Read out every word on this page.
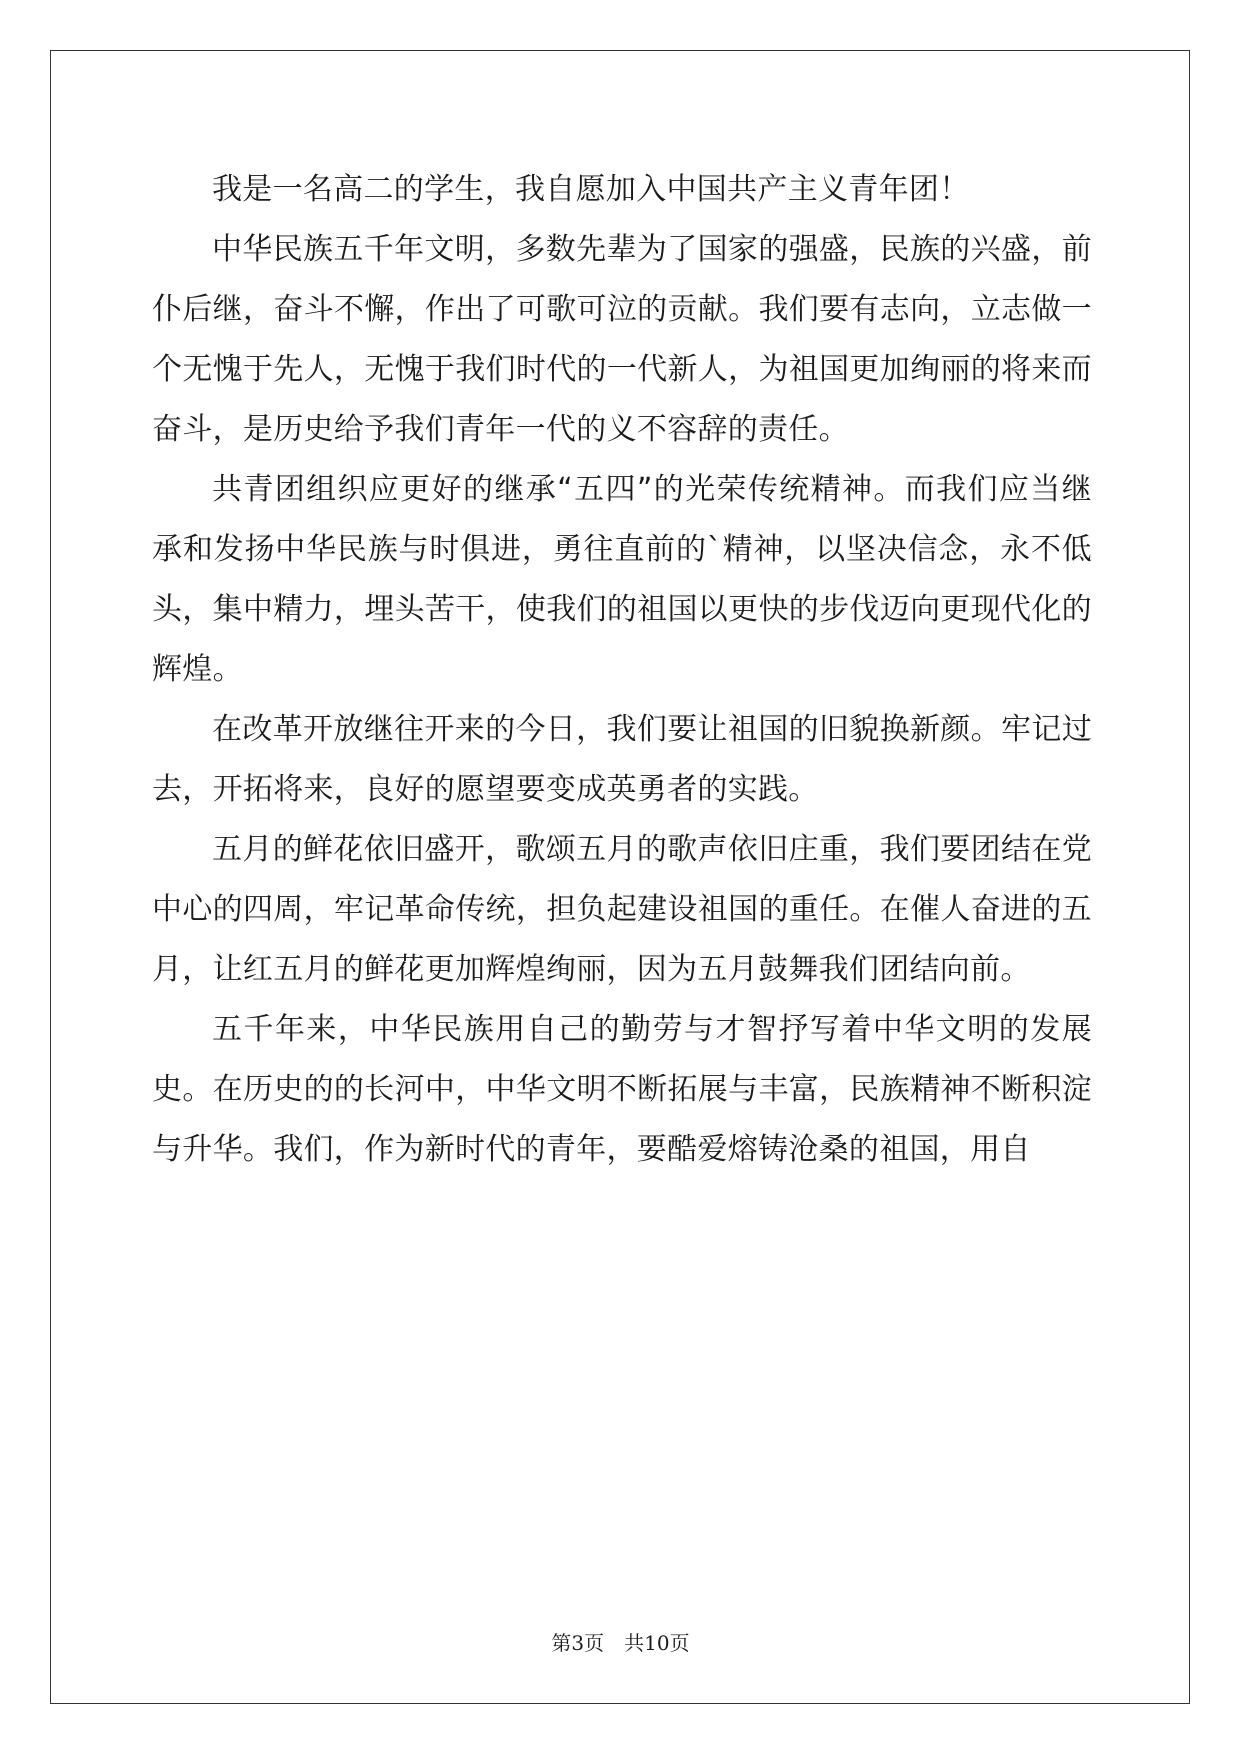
我是一名高二的学生，我自愿加入中国共产主义青年团！

中华民族五千年文明，多数先辈为了国家的强盛，民族的兴盛，前仆后继，奋斗不懈，作出了可歌可泣的贡献。我们要有志向，立志做一个无愧于先人，无愧于我们时代的一代新人，为祖国更加绚丽的将来而奋斗，是历史给予我们青年一代的义不容辞的责任。

共青团组织应更好的继承“五四”的光荣传统精神。而我们应当继承和发扬中华民族与时俱进，勇往直前的`精神，以坚决信念，永不低头，集中精力，埋头苦干，使我们的祖国以更快的步伐迈向更现代化的辉煌。

在改革开放继往开来的今日，我们要让祖国的旧貌换新颜。牢记过去，开拓将来，良好的愿望要变成英勇者的实践。

五月的鲜花依旧盛开，歌颂五月的歌声依旧庄重，我们要团结在党中心的四周，牢记革命传统，担负起建设祖国的重任。在催人奋进的五月，让红五月的鲜花更加辉煌绚丽，因为五月鼓舞我们团结向前。

五千年来，中华民族用自己的勤劳与才智抒写着中华文明的发展史。在历史的的长河中，中华文明不断拓展与丰富，民族精神不断积淀与升华。我们，作为新时代的青年，要酷爱熔铸沧桑的祖国，用自

第3页　共10页
